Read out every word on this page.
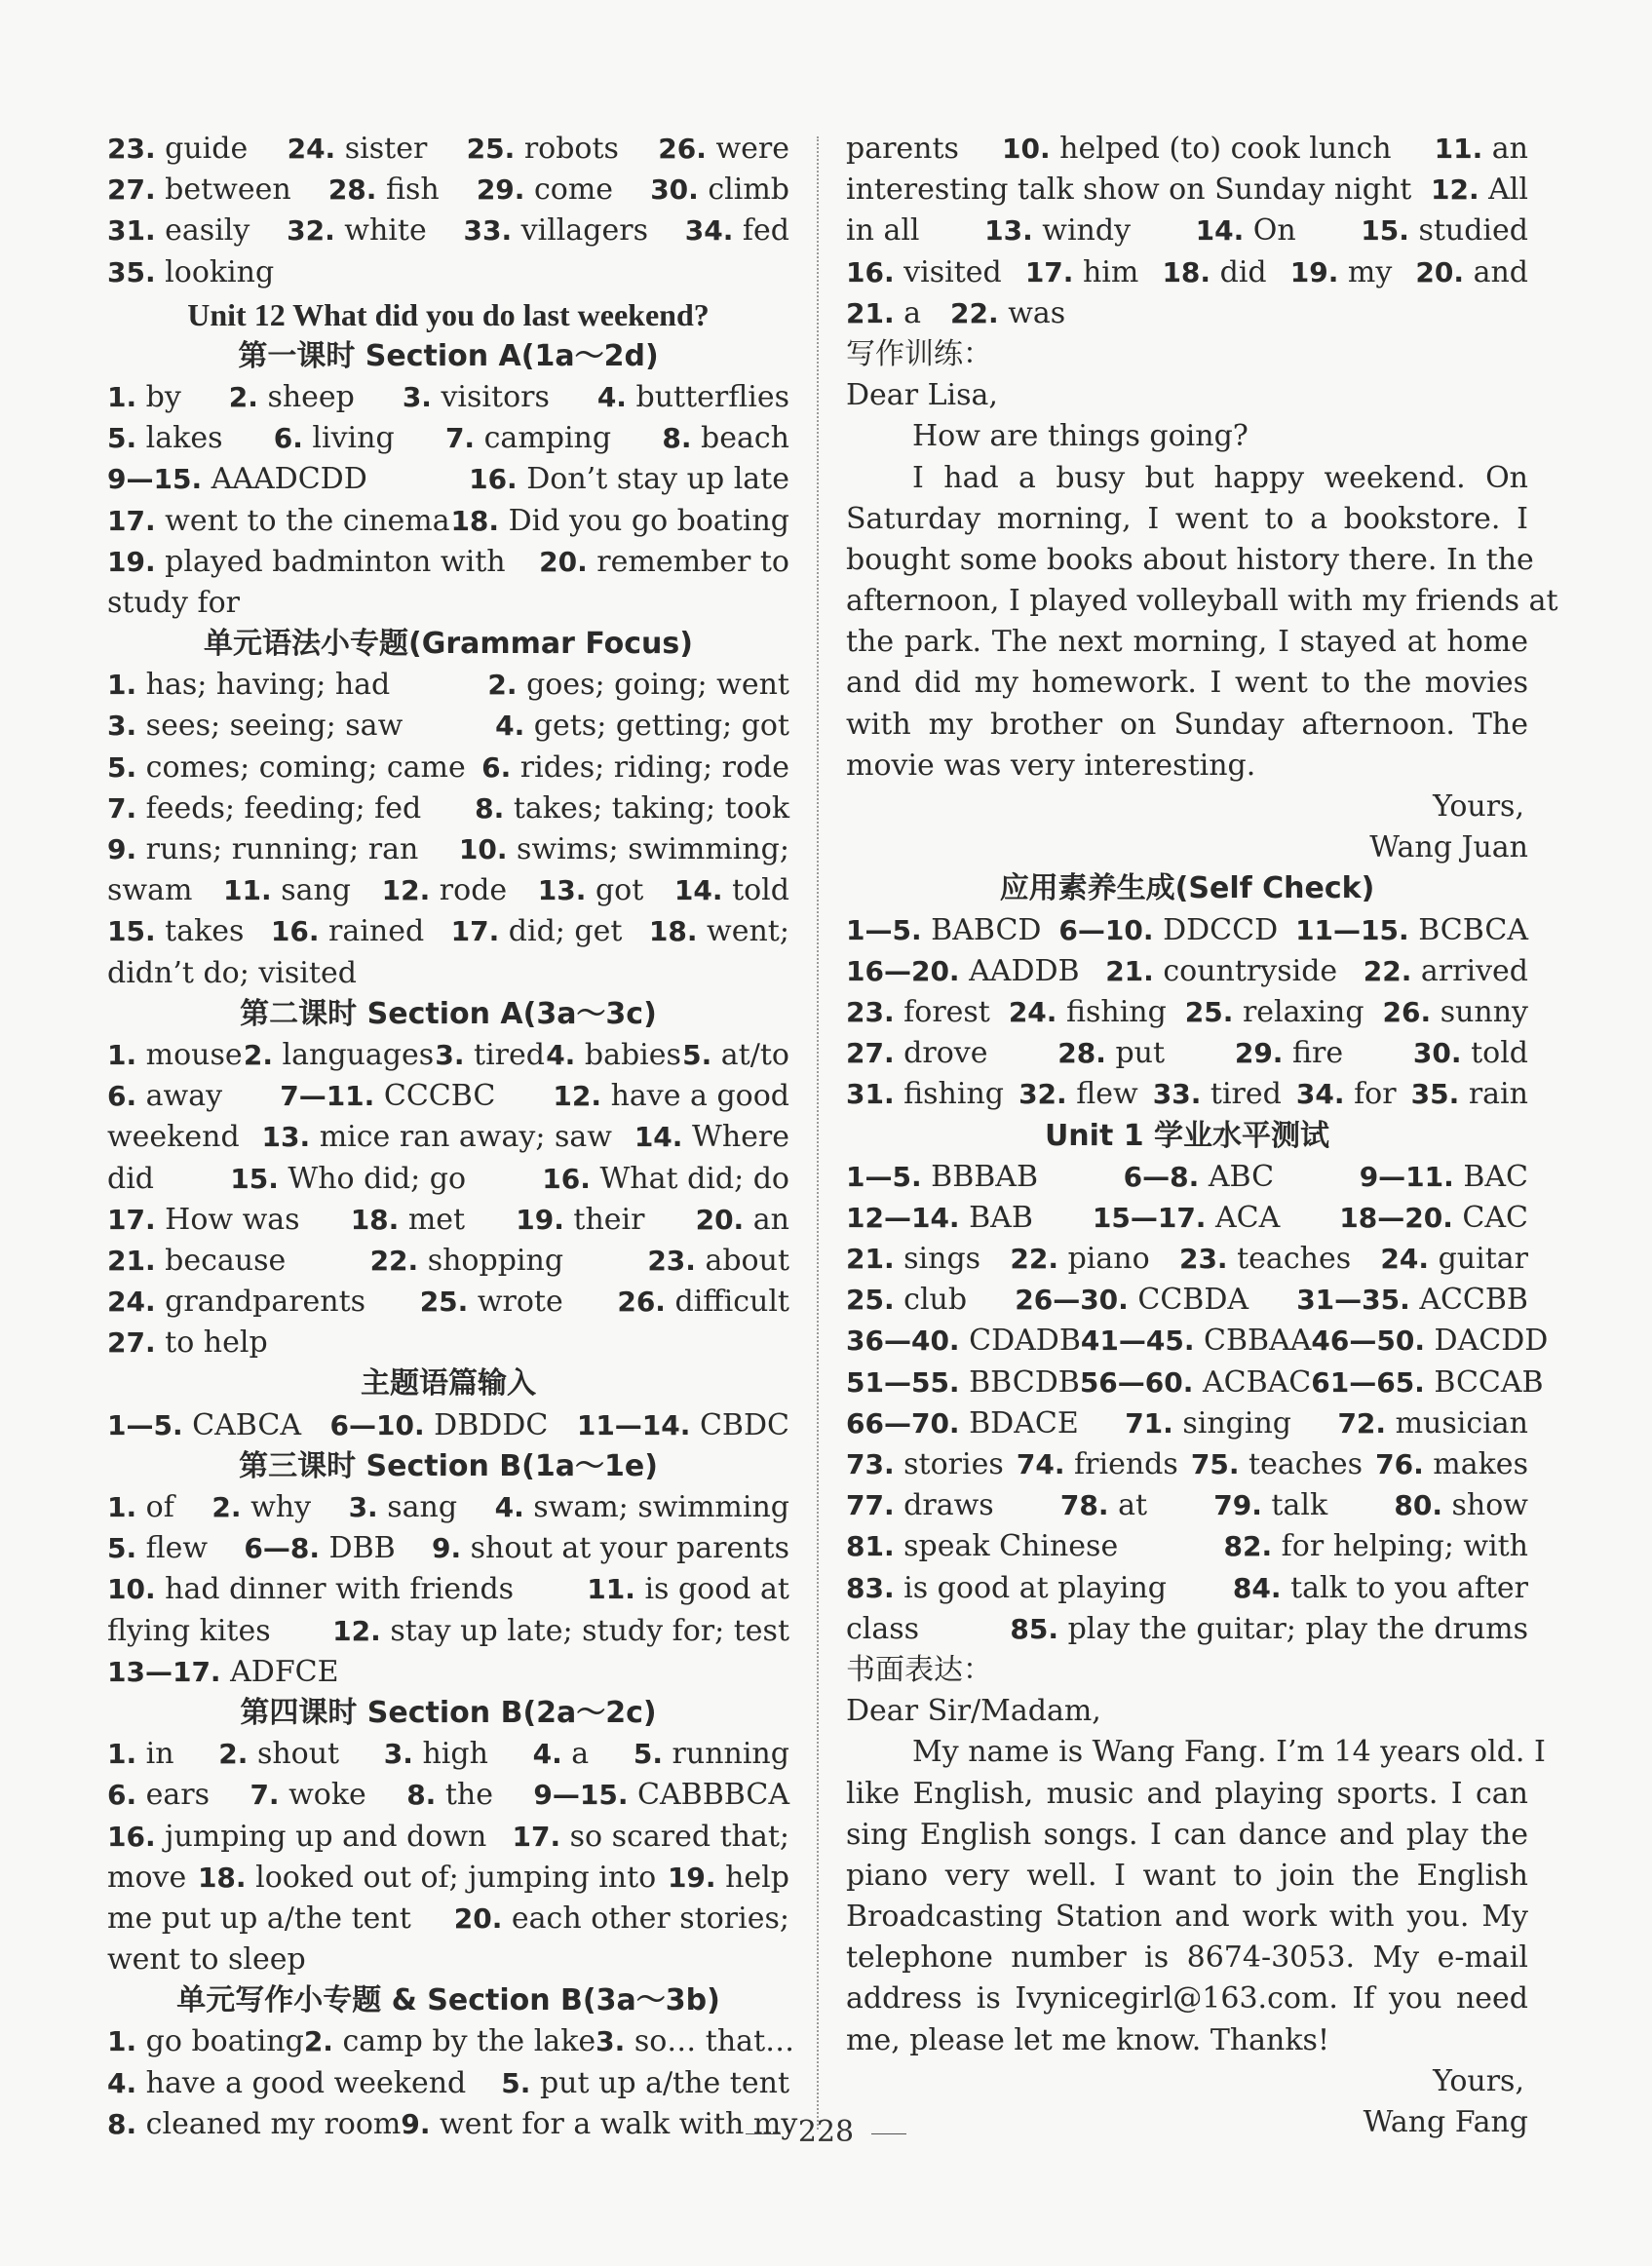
23. guide 24. sister 25. robots 26. were
27. between 28. fish 29. come 30. climb
31. easily 32. white 33. villagers 34. fed
35. looking
Unit 12 What did you do last weekend?
第一课时 Section A(1a～2d)
1. by 2. sheep 3. visitors 4. butterflies
5. lakes 6. living 7. camping 8. beach
9—15. AAADCDD	16. Don’t stay up late
17. went to the cinema 18. Did you go boating
19. played badminton with 20. remember to
study for
单元语法小专题(Grammar Focus)
1. has; having; had	2. goes; going; went
3. sees; seeing; saw	4. gets; getting; got
5. comes; coming; came 6. rides; riding; rode
7. feeds; feeding; fed 8. takes; taking; took
9. runs; running; ran 10. swims; swimming;
swam 11. sang 12. rode 13. got 14. told
15. takes 16. rained 17. did; get 18. went;
didn’t do; visited
第二课时 Section A(3a～3c)
1. mouse 2. languages 3. tired 4. babies 5. at/to
6. away 7—11. CCCBC 12. have a good
weekend 13. mice ran away; saw 14. Where
did	15. Who did; go	16. What did; do
17. How was 18. met 19. their 20. an
21. because	22. shopping	23. about
24. grandparents 25. wrote 26. difficult
27. to help
主题语篇输入
1—5. CABCA 6—10. DBDDC 11—14. CBDC
第三课时 Section B(1a～1e)
1. of 2. why 3. sang 4. swam; swimming
5. flew 6—8. DBB 9. shout at your parents
10. had dinner with friends	11. is good at
flying kites 12. stay up late; study for; test
13—17. ADFCE
第四课时 Section B(2a～2c)
1. in 2. shout 3. high 4. a 5. running
6. ears 7. woke 8. the 9—15. CABBBCA
16. jumping up and down 17. so scared that;
move 18. looked out of; jumping into 19. help
me put up a/the tent 20. each other stories;
went to sleep
单元写作小专题 & Section B(3a～3b)
1. go boating 2. camp by the lake 3. so… that…
4. have a good weekend 5. put up a/the tent
8. cleaned my room 9. went for a walk with my
parents 10. helped (to) cook lunch 11. an
interesting talk show on Sunday night 12. All
in all 13. windy 14. On 15. studied
16. visited 17. him 18. did 19. my 20. and
21. a 22. was
写作训练：
Dear Lisa,
How are things going?
I had a busy but happy weekend. On
Saturday morning, I went to a bookstore. I
bought some books about history there. In the
afternoon, I played volleyball with my friends at
the park. The next morning, I stayed at home
and did my homework. I went to the movies
with my brother on Sunday afternoon. The
movie was very interesting.
Yours,
Wang Juan
应用素养生成(Self Check)
1—5. BABCD 6—10. DDCCD 11—15. BCBCA
16—20. AADDB 21. countryside 22. arrived
23. forest 24. fishing 25. relaxing 26. sunny
27. drove	28. put	29. fire	30. told
31. fishing 32. flew 33. tired 34. for 35. rain
Unit 1 学业水平测试
1—5. BBBAB	6—8. ABC	9—11. BAC
12—14. BAB 15—17. ACA 18—20. CAC
21. sings 22. piano 23. teaches 24. guitar
25. club 26—30. CCBDA 31—35. ACCBB
36—40. CDADB 41—45. CBBAA 46—50. DACDD
51—55. BBCDB 56—60. ACBAC 61—65. BCCAB
66—70. BDACE 71. singing 72. musician
73. stories 74. friends 75. teaches 76. makes
77. draws 78. at 79. talk 80. show
81. speak Chinese	82. for helping; with
83. is good at playing 84. talk to you after
class	85. play the guitar; play the drums
书面表达：
Dear Sir/Madam,
My name is Wang Fang. I’m 14 years old. I
like English, music and playing sports. I can
sing English songs. I can dance and play the
piano very well. I want to join the English
Broadcasting Station and work with you. My
telephone number is 8674-3053. My e-mail
address is Ivynicegirl@163.com. If you need
me, please let me know. Thanks!
Yours,
Wang Fang
228
